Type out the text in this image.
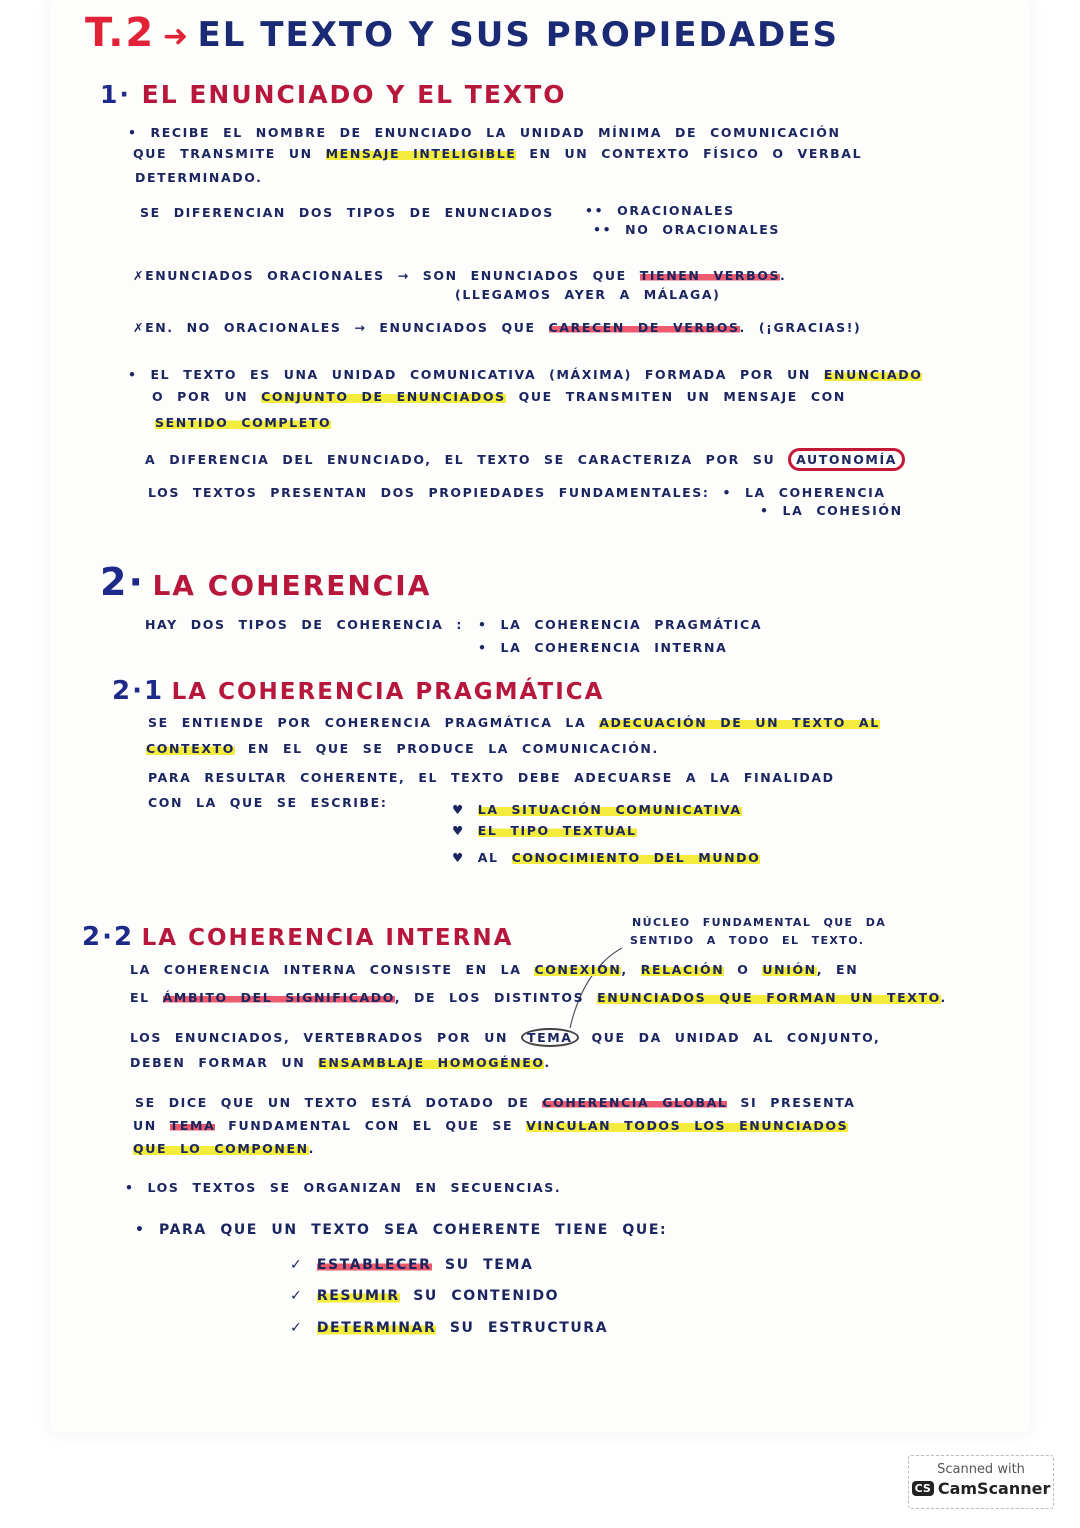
T.2 ➜ EL TEXTO Y SUS PROPIEDADES
1· EL ENUNCIADO Y EL TEXTO
2· LA COHERENCIA
2·1 LA COHERENCIA PRAGMÁTICA
2·2 LA COHERENCIA INTERNA
NÚCLEO FUNDAMENTAL QUE DA
SENTIDO A TODO EL TEXTO.
• RECIBE EL NOMBRE DE ENUNCIADO LA UNIDAD MÍNIMA DE COMUNICACIÓN
QUE TRANSMITE UN MENSAJE INTELIGIBLE EN UN CONTEXTO FÍSICO O VERBAL
DETERMINADO.
SE DIFERENCIAN DOS TIPOS DE ENUNCIADOS •• ORACIONALES
•• NO ORACIONALES
✗ENUNCIADOS ORACIONALES → SON ENUNCIADOS QUE TIENEN VERBOS.
(LLEGAMOS AYER A MÁLAGA)
✗EN. NO ORACIONALES → ENUNCIADOS QUE CARECEN DE VERBOS. (¡GRACIAS!)
• EL TEXTO ES UNA UNIDAD COMUNICATIVA (MÁXIMA) FORMADA POR UN ENUNCIADO
O POR UN CONJUNTO DE ENUNCIADOS QUE TRANSMITEN UN MENSAJE CON
SENTIDO COMPLETO
A DIFERENCIA DEL ENUNCIADO, EL TEXTO SE CARACTERIZA POR SU AUTONOMÍA
LOS TEXTOS PRESENTAN DOS PROPIEDADES FUNDAMENTALES: • LA COHERENCIA
• LA COHESIÓN
HAY DOS TIPOS DE COHERENCIA : • LA COHERENCIA PRAGMÁTICA
• LA COHERENCIA INTERNA
SE ENTIENDE POR COHERENCIA PRAGMÁTICA LA ADECUACIÓN DE UN TEXTO AL
CONTEXTO EN EL QUE SE PRODUCE LA COMUNICACIÓN.
PARA RESULTAR COHERENTE, EL TEXTO DEBE ADECUARSE A LA FINALIDAD
CON LA QUE SE ESCRIBE:	♥ LA SITUACIÓN COMUNICATIVA
♥ EL TIPO TEXTUAL
♥ AL CONOCIMIENTO DEL MUNDO
LA COHERENCIA INTERNA CONSISTE EN LA CONEXIÓN, RELACIÓN O UNIÓN, EN
EL ÁMBITO DEL SIGNIFICADO, DE LOS DISTINTOS ENUNCIADOS QUE FORMAN UN TEXTO.
LOS ENUNCIADOS, VERTEBRADOS POR UN TEMA QUE DA UNIDAD AL CONJUNTO,
DEBEN FORMAR UN ENSAMBLAJE HOMOGÉNEO.
SE DICE QUE UN TEXTO ESTÁ DOTADO DE COHERENCIA GLOBAL SI PRESENTA
UN TEMA FUNDAMENTAL CON EL QUE SE VINCULAN TODOS LOS ENUNCIADOS
QUE LO COMPONEN.
• LOS TEXTOS SE ORGANIZAN EN SECUENCIAS.
• PARA QUE UN TEXTO SEA COHERENTE TIENE QUE:
✓ ESTABLECER SU TEMA
✓ RESUMIR SU CONTENIDO
✓ DETERMINAR SU ESTRUCTURA
Scanned with
CS CamScanner
